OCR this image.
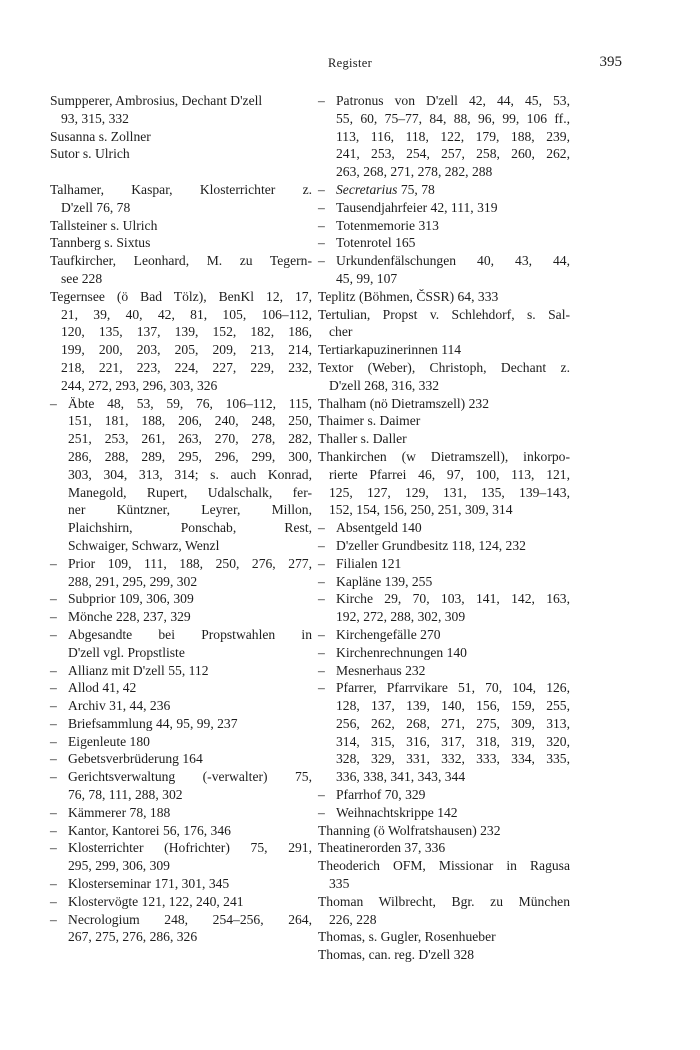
Register	395
Sumpperer, Ambrosius, Dechant D'zell
93, 315, 332
Susanna s. Zollner
Sutor s. Ulrich
Talhamer, Kaspar, Klosterrichter z.
D'zell 76, 78
Tallsteiner s. Ulrich
Tannberg s. Sixtus
Taufkircher, Leonhard, M. zu Tegern-
see 228
Tegernsee (ö Bad Tölz), BenKl 12, 17,
21, 39, 40, 42, 81, 105, 106–112,
120, 135, 137, 139, 152, 182, 186,
199, 200, 203, 205, 209, 213, 214,
218, 221, 223, 224, 227, 229, 232,
244, 272, 293, 296, 303, 326
– Äbte 48, 53, 59, 76, 106–112, 115,
151, 181, 188, 206, 240, 248, 250,
251, 253, 261, 263, 270, 278, 282,
286, 288, 289, 295, 296, 299, 300,
303, 304, 313, 314; s. auch Konrad,
Manegold, Rupert, Udalschalk, fer-
ner Küntzner, Leyrer, Millon,
Plaichshirn, Ponschab, Rest,
Schwaiger, Schwarz, Wenzl
– Prior 109, 111, 188, 250, 276, 277,
288, 291, 295, 299, 302
– Subprior 109, 306, 309
– Mönche 228, 237, 329
– Abgesandte bei Propstwahlen in
D'zell vgl. Propstliste
– Allianz mit D'zell 55, 112
– Allod 41, 42
– Archiv 31, 44, 236
– Briefsammlung 44, 95, 99, 237
– Eigenleute 180
– Gebetsverbrüderung 164
– Gerichtsverwaltung (-verwalter) 75,
76, 78, 111, 288, 302
– Kämmerer 78, 188
– Kantor, Kantorei 56, 176, 346
– Klosterrichter (Hofrichter) 75, 291,
295, 299, 306, 309
– Klosterseminar 171, 301, 345
– Klostervögte 121, 122, 240, 241
– Necrologium 248, 254–256, 264,
267, 275, 276, 286, 326
– Patronus von D'zell 42, 44, 45, 53,
55, 60, 75–77, 84, 88, 96, 99, 106 ff.,
113, 116, 118, 122, 179, 188, 239,
241, 253, 254, 257, 258, 260, 262,
263, 268, 271, 278, 282, 288
– Secretarius 75, 78
– Tausendjahrfeier 42, 111, 319
– Totenmemorie 313
– Totenrotel 165
– Urkundenfälschungen 40, 43, 44,
45, 99, 107
Teplitz (Böhmen, ČSSR) 64, 333
Tertulian, Propst v. Schlehdorf, s. Sal-
cher
Tertiarkapuzinerinnen 114
Textor (Weber), Christoph, Dechant z.
D'zell 268, 316, 332
Thalham (nö Dietramszell) 232
Thaimer s. Daimer
Thaller s. Daller
Thankirchen (w Dietramszell), inkorpo-
rierte Pfarrei 46, 97, 100, 113, 121,
125, 127, 129, 131, 135, 139–143,
152, 154, 156, 250, 251, 309, 314
– Absentgeld 140
– D'zeller Grundbesitz 118, 124, 232
– Filialen 121
– Kapläne 139, 255
– Kirche 29, 70, 103, 141, 142, 163,
192, 272, 288, 302, 309
– Kirchengefälle 270
– Kirchenrechnungen 140
– Mesnerhaus 232
– Pfarrer, Pfarrvikare 51, 70, 104, 126,
128, 137, 139, 140, 156, 159, 255,
256, 262, 268, 271, 275, 309, 313,
314, 315, 316, 317, 318, 319, 320,
328, 329, 331, 332, 333, 334, 335,
336, 338, 341, 343, 344
– Pfarrhof 70, 329
– Weihnachtskrippe 142
Thanning (ö Wolfratshausen) 232
Theatinerorden 37, 336
Theoderich OFM, Missionar in Ragusa
335
Thoman Wilbrecht, Bgr. zu München
226, 228
Thomas, s. Gugler, Rosenhueber
Thomas, can. reg. D'zell 328
